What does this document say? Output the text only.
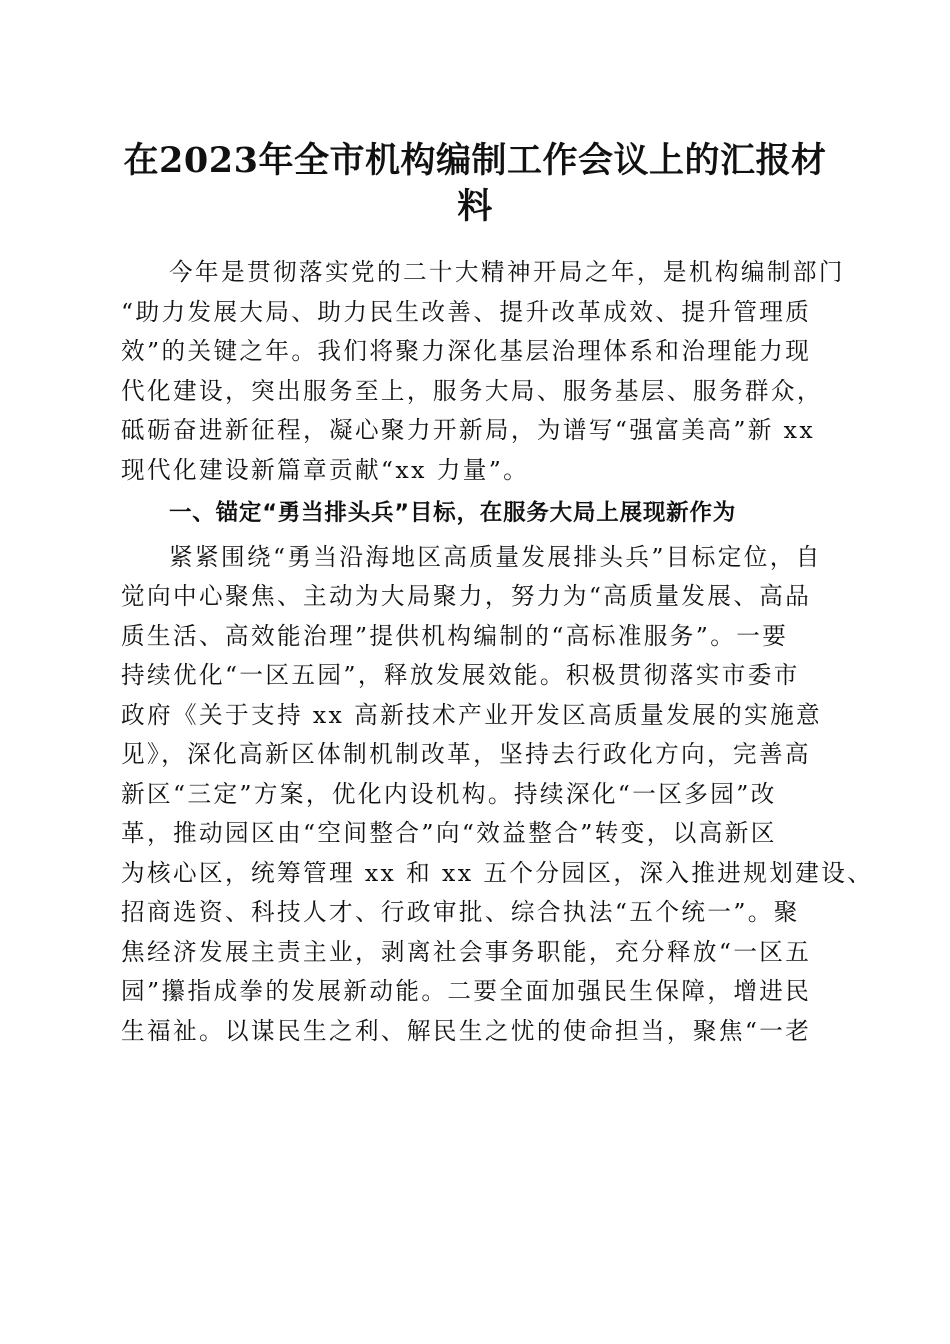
在2023年全市机构编制工作会议上的汇报材
料

今年是贯彻落实党的二十大精神开局之年，是机构编制部门

“助力发展大局、助力民生改善、提升改革成效、提升管理质

效”的关键之年。我们将聚力深化基层治理体系和治理能力现

代化建设，突出服务至上，服务大局、服务基层、服务群众，

砥砺奋进新征程，凝心聚力开新局，为谱写“强富美高”新 xx

现代化建设新篇章贡献“xx 力量”。

一、锚定“勇当排头兵”目标，在服务大局上展现新作为

紧紧围绕“勇当沿海地区高质量发展排头兵”目标定位，自

觉向中心聚焦、主动为大局聚力，努力为“高质量发展、高品

质生活、高效能治理”提供机构编制的“高标准服务”。一要

持续优化“一区五园”，释放发展效能。积极贯彻落实市委市

政府《关于支持 xx 高新技术产业开发区高质量发展的实施意

见》，深化高新区体制机制改革，坚持去行政化方向，完善高

新区“三定”方案，优化内设机构。持续深化“一区多园”改

革，推动园区由“空间整合”向“效益整合”转变，以高新区

为核心区，统筹管理 xx 和 xx 五个分园区，深入推进规划建设、

招商选资、科技人才、行政审批、综合执法“五个统一”。聚

焦经济发展主责主业，剥离社会事务职能，充分释放“一区五

园”攥指成拳的发展新动能。二要全面加强民生保障，增进民

生福祉。以谋民生之利、解民生之忧的使命担当，聚焦“一老
